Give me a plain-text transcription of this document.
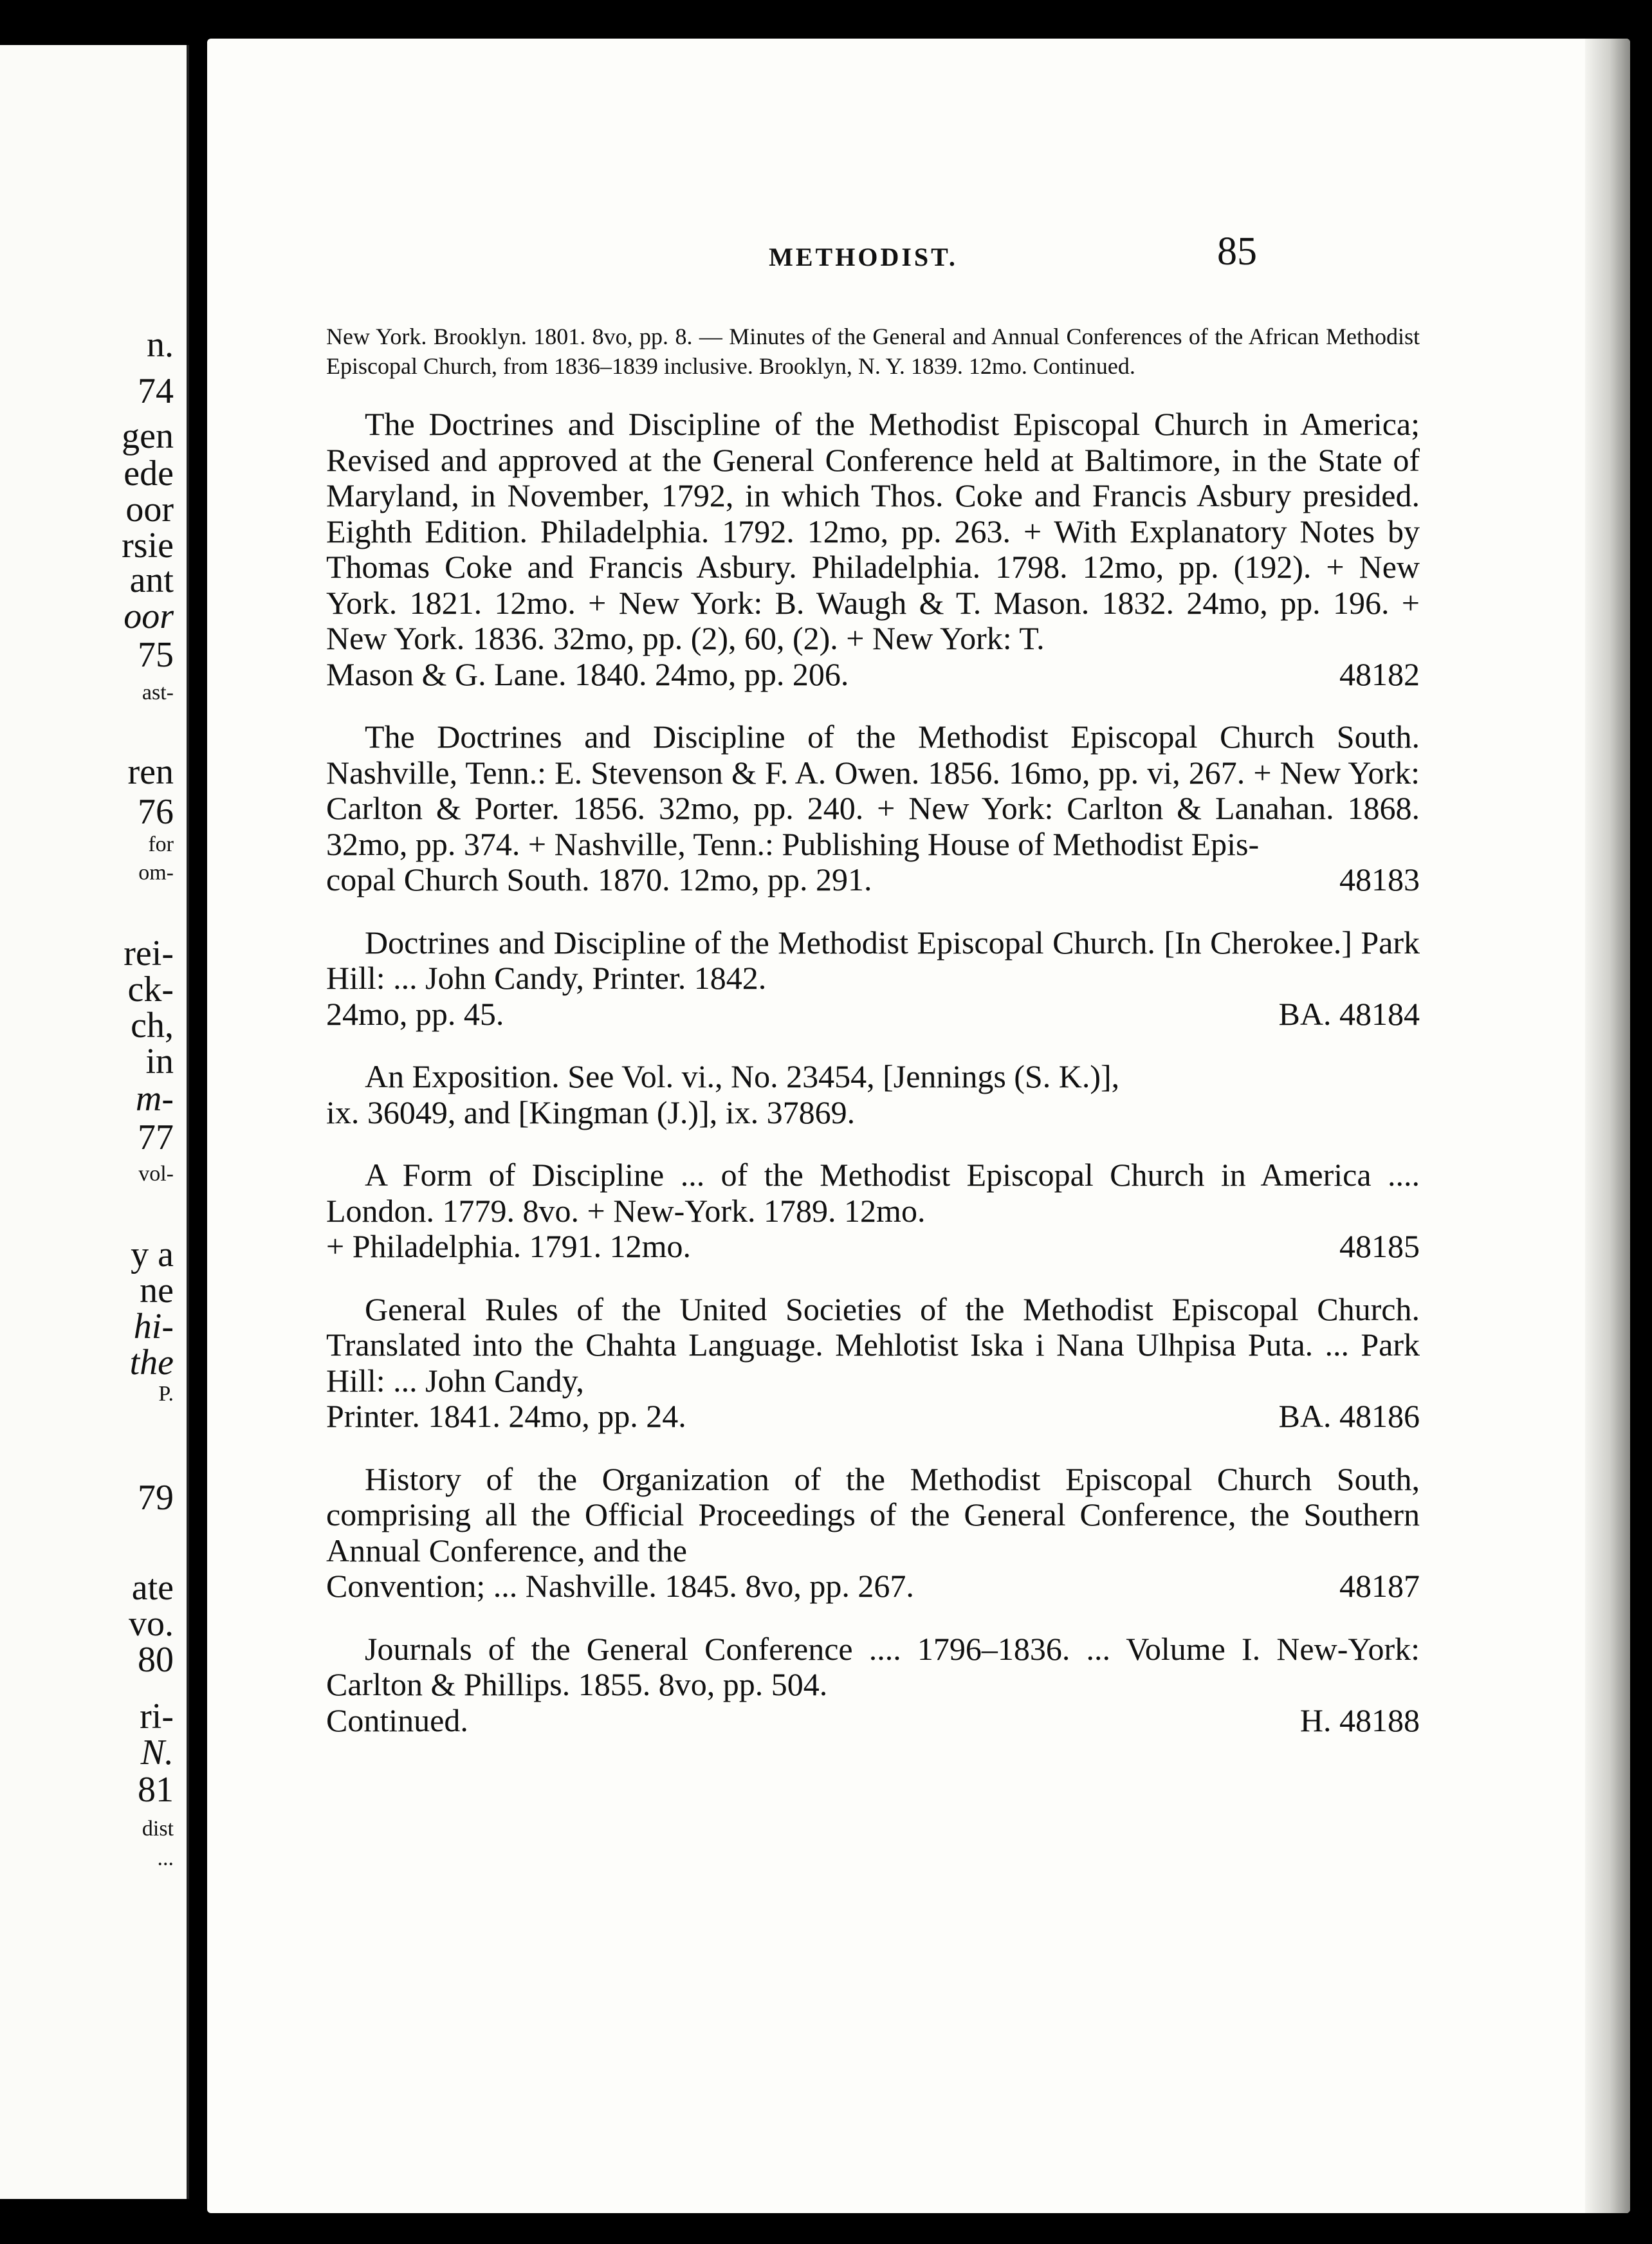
n.
74
gen
ede
oor
rsie
ant
oor
75
ast-
ren
76
for
om-
rei-
ck-
ch,
in
m-
77
vol-
y a
ne
hi-
the
P.
79
ate
vo.
80
ri-
N.
81
dist
...
METHODIST.	85

New York. Brooklyn. 1801. 8vo, pp. 8. — Minutes of the General and Annual Conferences of the African Methodist Episcopal Church, from 1836–1839 inclusive. Brooklyn, N. Y. 1839. 12mo. Continued.

The Doctrines and Discipline of the Methodist Episcopal Church in America; Revised and approved at the General Conference held at Baltimore, in the State of Maryland, in November, 1792, in which Thos. Coke and Francis Asbury presided. Eighth Edition. Philadelphia. 1792. 12mo, pp. 263. + With Explanatory Notes by Thomas Coke and Francis Asbury. Philadelphia. 1798. 12mo, pp. (192). + New York. 1821. 12mo. + New York: B. Waugh & T. Mason. 1832. 24mo, pp. 196. + New York. 1836. 32mo, pp. (2), 60, (2). + New York: T.
Mason & G. Lane. 1840. 24mo, pp. 206.	48182
The Doctrines and Discipline of the Methodist Episcopal Church South. Nashville, Tenn.: E. Stevenson & F. A. Owen. 1856. 16mo, pp. vi, 267. + New York: Carlton & Porter. 1856. 32mo, pp. 240. + New York: Carlton & Lanahan. 1868. 32mo, pp. 374. + Nashville, Tenn.: Publishing House of Methodist Epis-
copal Church South. 1870. 12mo, pp. 291.	48183
Doctrines and Discipline of the Methodist Episcopal Church. [In Cherokee.] Park Hill: ... John Candy, Printer. 1842.
24mo, pp. 45.	BA. 48184
An Exposition. See Vol. vi., No. 23454, [Jennings (S. K.)],
ix. 36049, and [Kingman (J.)], ix. 37869.
A Form of Discipline ... of the Methodist Episcopal Church in America .... London. 1779. 8vo. + New-York. 1789. 12mo.
+ Philadelphia. 1791. 12mo.	48185
General Rules of the United Societies of the Methodist Episcopal Church. Translated into the Chahta Language. Mehlotist Iska i Nana Ulhpisa Puta. ... Park Hill: ... John Candy,
Printer. 1841. 24mo, pp. 24.	BA. 48186
History of the Organization of the Methodist Episcopal Church South, comprising all the Official Proceedings of the General Conference, the Southern Annual Conference, and the
Convention; ... Nashville. 1845. 8vo, pp. 267.	48187
Journals of the General Conference .... 1796–1836. ... Volume I. New-York: Carlton & Phillips. 1855. 8vo, pp. 504.
Continued.	H. 48188
